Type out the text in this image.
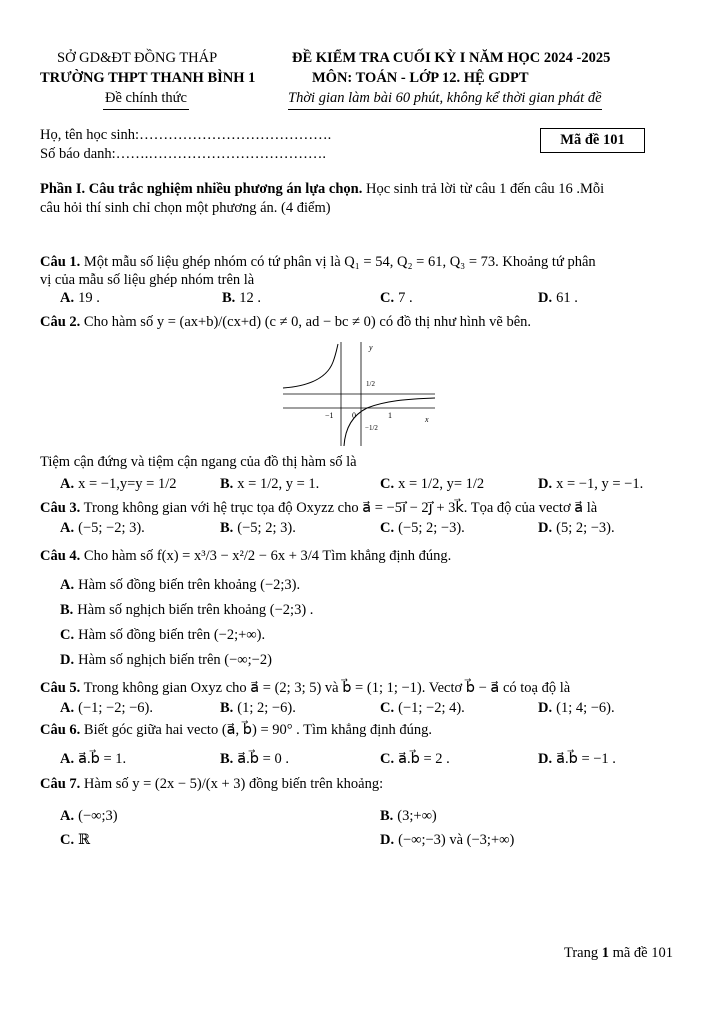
SỞ GD&ĐT ĐỒNG THÁP
TRƯỜNG THPT THANH BÌNH 1
Đề chính thức
ĐỀ KIỂM TRA CUỐI KỲ I NĂM HỌC 2024 -2025
MÔN: TOÁN - LỚP 12. HỆ GDPT
Thời gian làm bài 60 phút, không kể thời gian phát đề
Họ, tên học sinh:………………………………….
Số báo danh:…….……………………………….
Mã đề 101
Phần I. Câu trắc nghiệm nhiều phương án lựa chọn. Học sinh trả lời từ câu 1 đến câu 16 .Mỗi
câu hỏi thí sinh chỉ chọn một phương án. (4 điểm)
Câu 1. Một mẫu số liệu ghép nhóm có tứ phân vị là Q₁ = 54, Q₂ = 61, Q₃ = 73. Khoảng tứ phân
vị của mẫu số liệu ghép nhóm trên là
A. 19 .	B. 12 .	C. 7 .	D. 61 .
Câu 2. Cho hàm số y = (ax+b)/(cx+d) (c ≠ 0, ad − bc ≠ 0) có đồ thị như hình vẽ bên.
y
x
1/2
−1 0	1
−1/2
Tiệm cận đứng và tiệm cận ngang của đồ thị hàm số là
A. x = −1,y=y = 1/2	B. x = 1/2, y = 1.	C. x = 1/2, y= 1/2	D. x = −1, y = −1.
Câu 3. Trong không gian với hệ trục tọa độ Oxyzz cho a⃗ = −5i⃗ − 2j⃗ + 3k⃗. Tọa độ của vectơ a⃗ là
A. (−5; −2; 3).	B. (−5; 2; 3).	C. (−5; 2; −3).	D. (5; 2; −3).
Câu 4. Cho hàm số f(x) = x³/3 − x²/2 − 6x + 3/4 Tìm khẳng định đúng.
A. Hàm số đồng biến trên khoảng (−2;3).
B. Hàm số nghịch biến trên khoảng (−2;3) .
C. Hàm số đồng biến trên (−2;+∞).
D. Hàm số nghịch biến trên (−∞;−2)
Câu 5. Trong không gian Oxyz cho a⃗ = (2; 3; 5) và b⃗ = (1; 1; −1). Vectơ b⃗ − a⃗ có toạ độ là
A. (−1; −2; −6).	B. (1; 2; −6).	C. (−1; −2; 4).	D. (1; 4; −6).
Câu 6. Biết góc giữa hai vecto (a⃗, b⃗) = 90° . Tìm khẳng định đúng.
A. a⃗.b⃗ = 1.	B. a⃗.b⃗ = 0 .	C. a⃗.b⃗ = 2 .	D. a⃗.b⃗ = −1 .
Câu 7. Hàm số y = (2x − 5)/(x + 3) đồng biến trên khoảng:
A. (−∞;3)	B. (3;+∞)
C. ℝ	D. (−∞;−3) và (−3;+∞)
Trang 1 mã đề 101
